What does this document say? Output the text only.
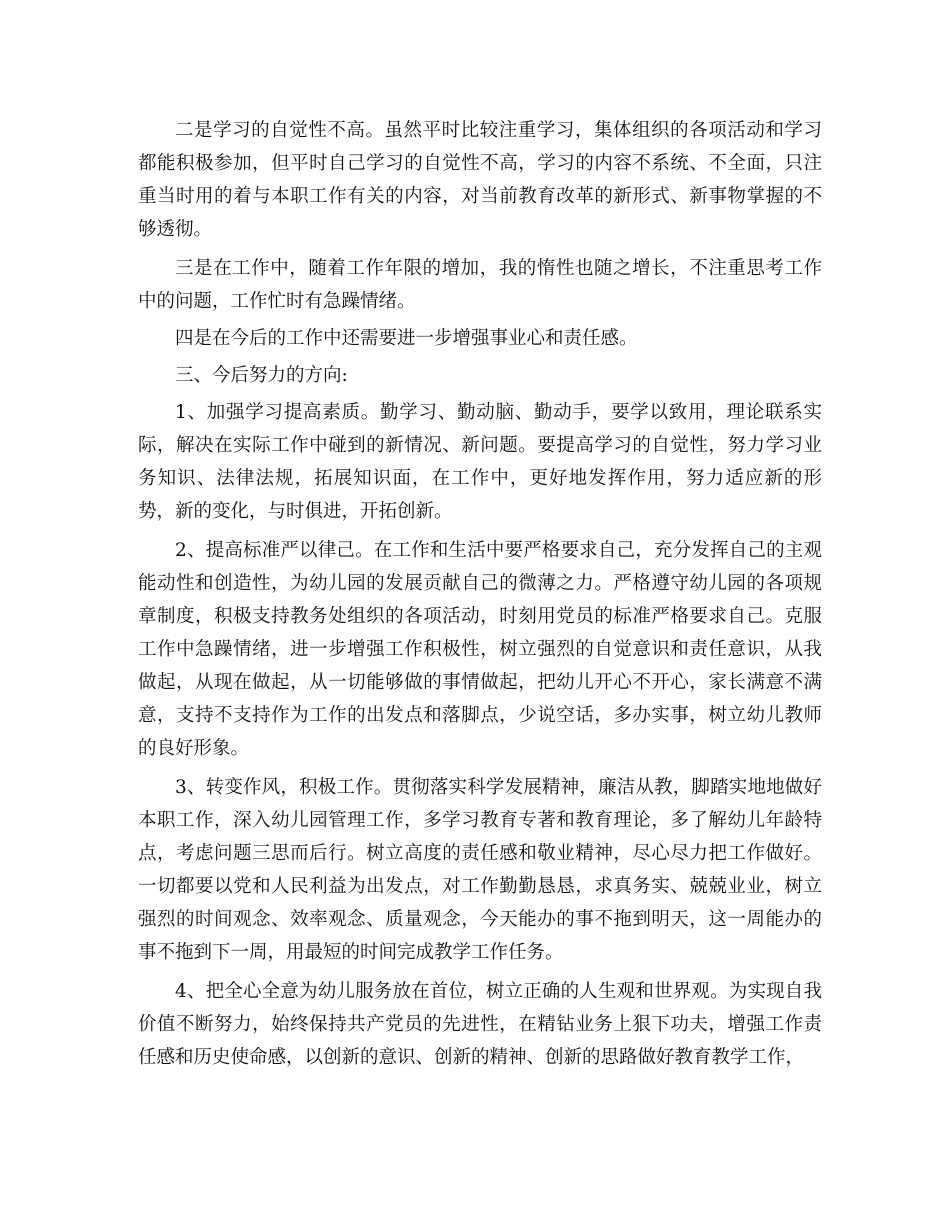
二是学习的自觉性不高。虽然平时比较注重学习，集体组织的各项活动和学习都能积极参加，但平时自己学习的自觉性不高，学习的内容不系统、不全面，只注重当时用的着与本职工作有关的内容，对当前教育改革的新形式、新事物掌握的不够透彻。

三是在工作中，随着工作年限的增加，我的惰性也随之增长，不注重思考工作中的问题，工作忙时有急躁情绪。

四是在今后的工作中还需要进一步增强事业心和责任感。

三、今后努力的方向:

1、加强学习提高素质。勤学习、勤动脑、勤动手，要学以致用，理论联系实际，解决在实际工作中碰到的新情况、新问题。要提高学习的自觉性，努力学习业务知识、法律法规，拓展知识面，在工作中，更好地发挥作用，努力适应新的形势，新的变化，与时俱进，开拓创新。

2、提高标准严以律己。在工作和生活中要严格要求自己，充分发挥自己的主观能动性和创造性，为幼儿园的发展贡献自己的微薄之力。严格遵守幼儿园的各项规章制度，积极支持教务处组织的各项活动，时刻用党员的标准严格要求自己。克服工作中急躁情绪，进一步增强工作积极性，树立强烈的自觉意识和责任意识，从我做起，从现在做起，从一切能够做的事情做起，把幼儿开心不开心，家长满意不满意，支持不支持作为工作的出发点和落脚点，少说空话，多办实事，树立幼儿教师的良好形象。

3、转变作风，积极工作。贯彻落实科学发展精神，廉洁从教，脚踏实地地做好本职工作，深入幼儿园管理工作，多学习教育专著和教育理论，多了解幼儿年龄特点，考虑问题三思而后行。树立高度的责任感和敬业精神，尽心尽力把工作做好。一切都要以党和人民利益为出发点，对工作勤勤恳恳，求真务实、兢兢业业，树立强烈的时间观念、效率观念、质量观念，今天能办的事不拖到明天，这一周能办的事不拖到下一周，用最短的时间完成教学工作任务。

4、把全心全意为幼儿服务放在首位，树立正确的人生观和世界观。为实现自我价值不断努力，始终保持共产党员的先进性，在精钻业务上狠下功夫，增强工作责任感和历史使命感，以创新的意识、创新的精神、创新的思路做好教育教学工作，
